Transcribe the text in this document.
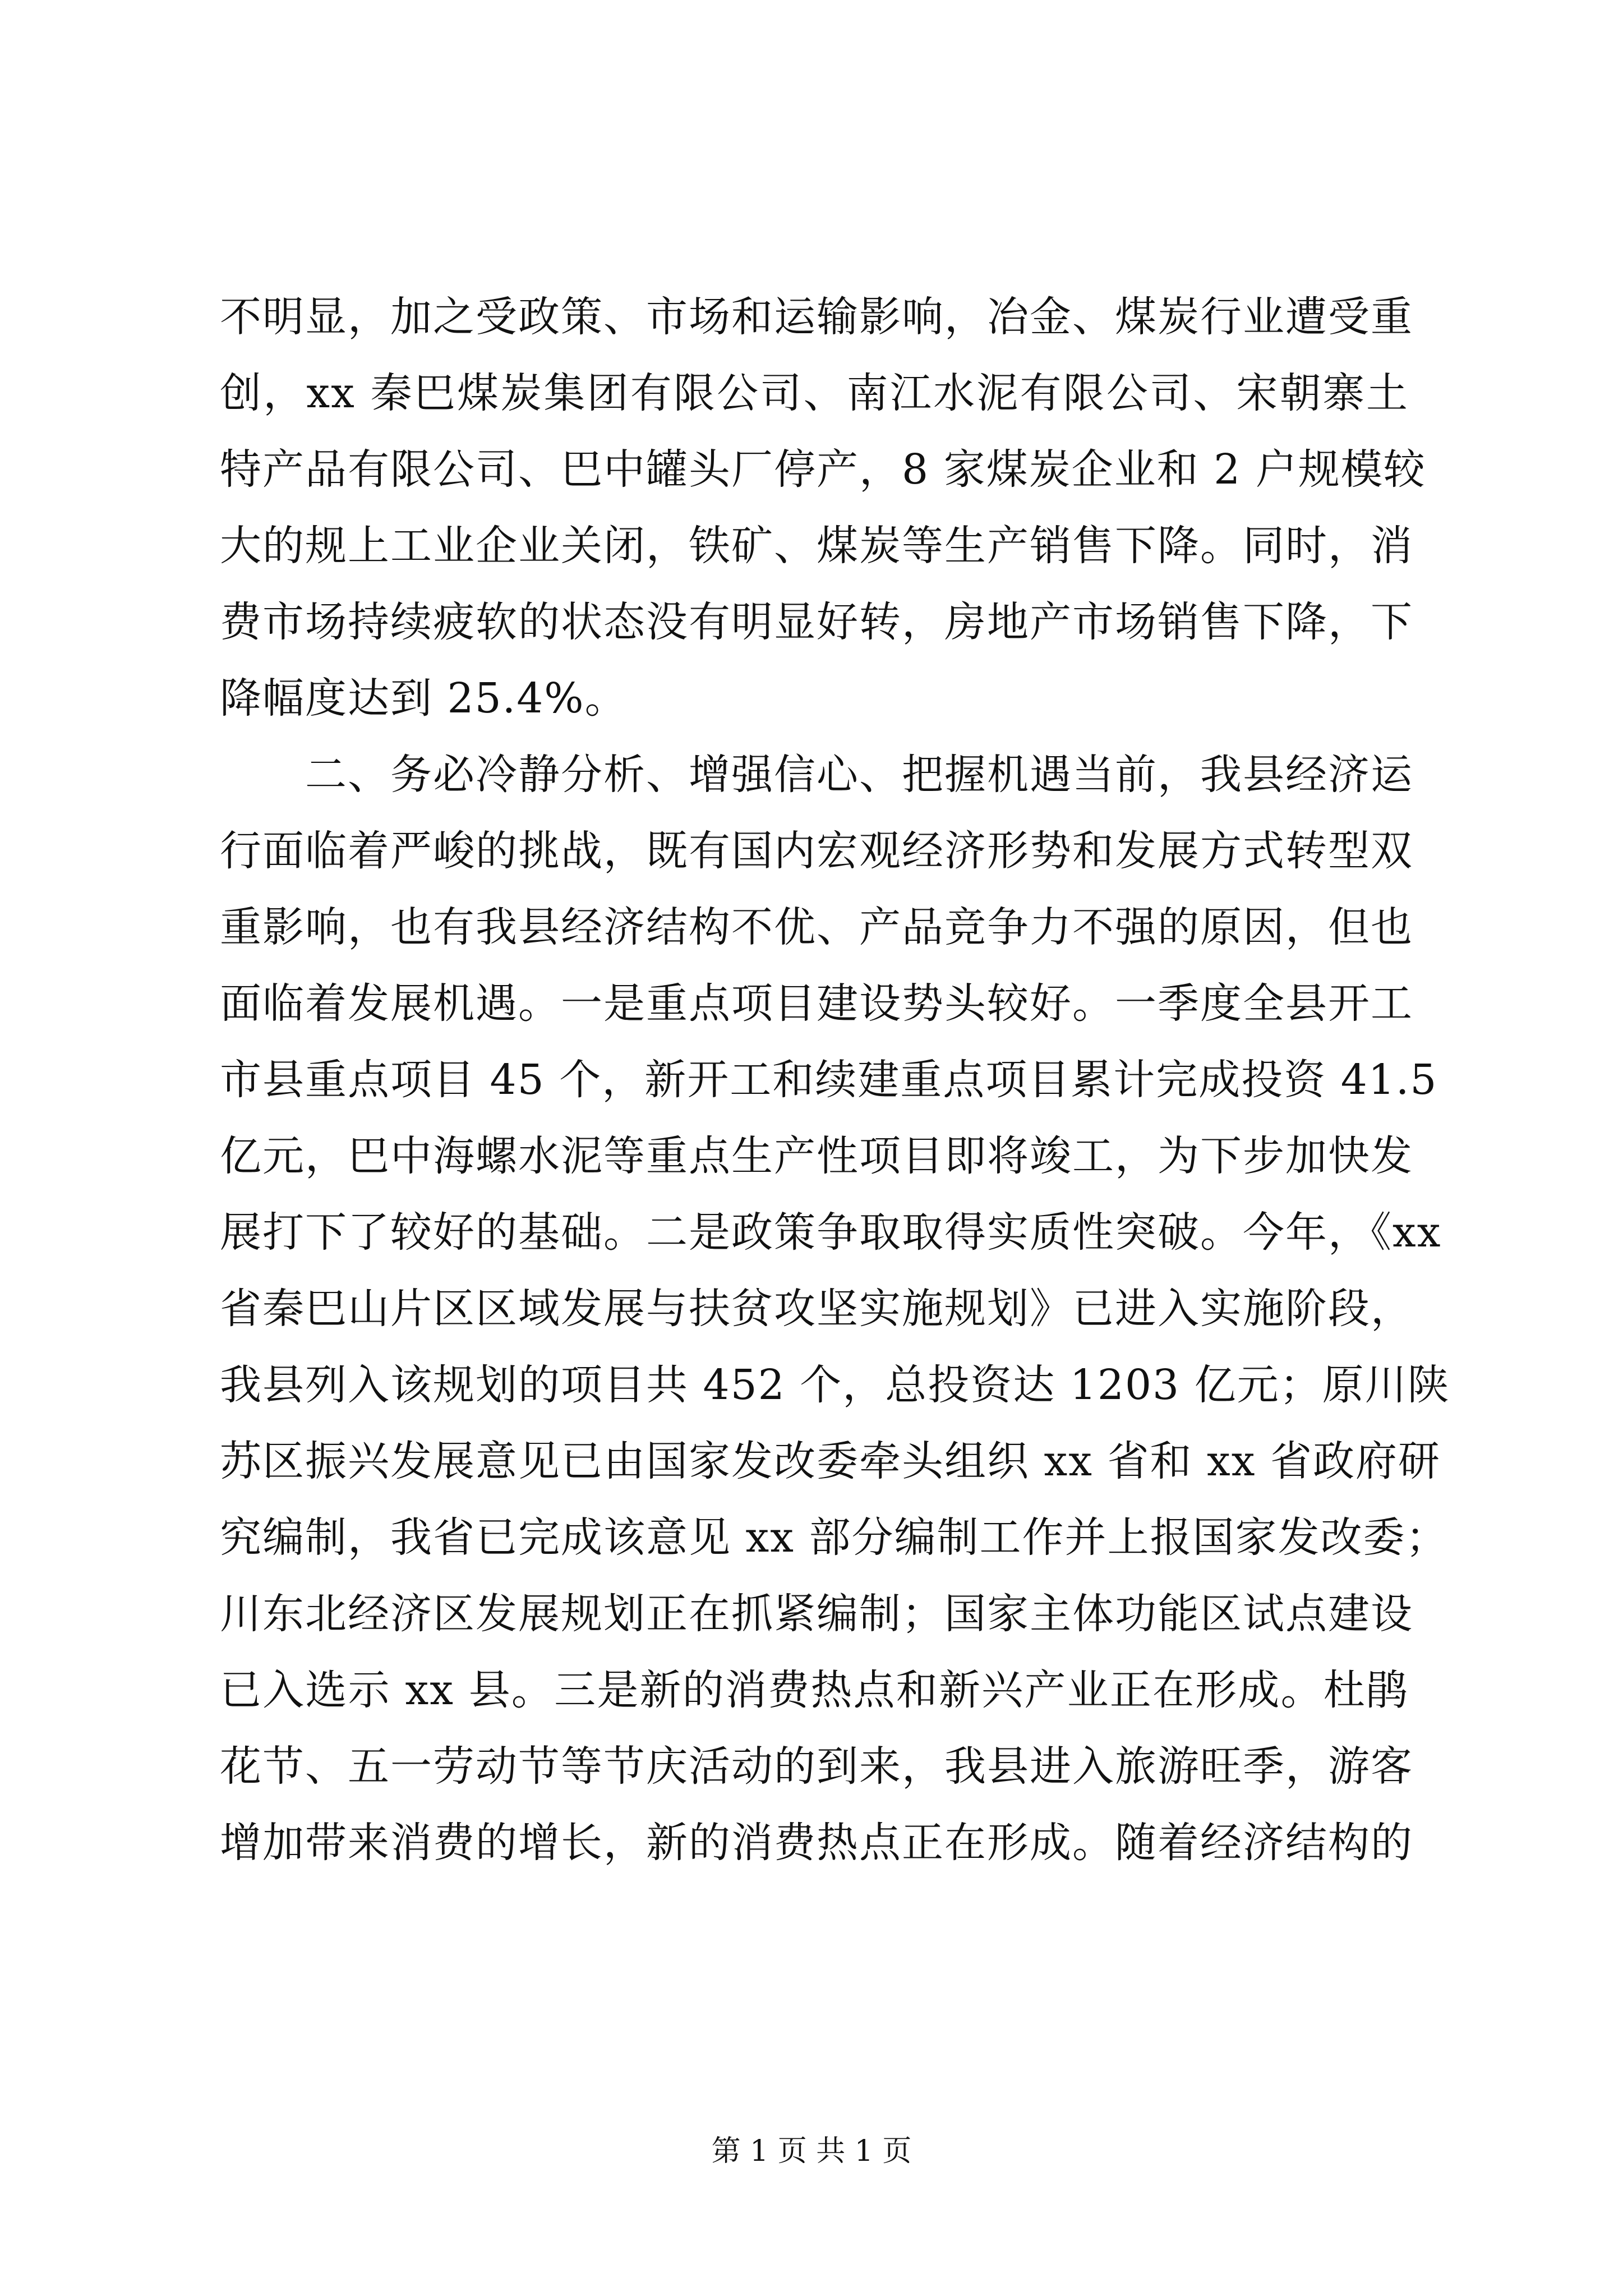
不明显，加之受政策、市场和运输影响，冶金、煤炭行业遭受重
创，xx 秦巴煤炭集团有限公司、南江水泥有限公司、宋朝寨土
特产品有限公司、巴中罐头厂停产，8 家煤炭企业和 2 户规模较
大的规上工业企业关闭，铁矿、煤炭等生产销售下降。同时，消
费市场持续疲软的状态没有明显好转，房地产市场销售下降，下
降幅度达到 25.4%。
　　二、务必冷静分析、增强信心、把握机遇当前，我县经济运
行面临着严峻的挑战，既有国内宏观经济形势和发展方式转型双
重影响，也有我县经济结构不优、产品竞争力不强的原因，但也
面临着发展机遇。一是重点项目建设势头较好。一季度全县开工
市县重点项目 45 个，新开工和续建重点项目累计完成投资 41.5
亿元，巴中海螺水泥等重点生产性项目即将竣工，为下步加快发
展打下了较好的基础。二是政策争取取得实质性突破。今年，《xx
省秦巴山片区区域发展与扶贫攻坚实施规划》已进入实施阶段，
我县列入该规划的项目共 452 个，总投资达 1203 亿元；原川陕
苏区振兴发展意见已由国家发改委牵头组织 xx 省和 xx 省政府研
究编制，我省已完成该意见 xx 部分编制工作并上报国家发改委；
川东北经济区发展规划正在抓紧编制；国家主体功能区试点建设
已入选示 xx 县。三是新的消费热点和新兴产业正在形成。杜鹃
花节、五一劳动节等节庆活动的到来，我县进入旅游旺季，游客
增加带来消费的增长，新的消费热点正在形成。随着经济结构的
第 1 页 共 1 页
